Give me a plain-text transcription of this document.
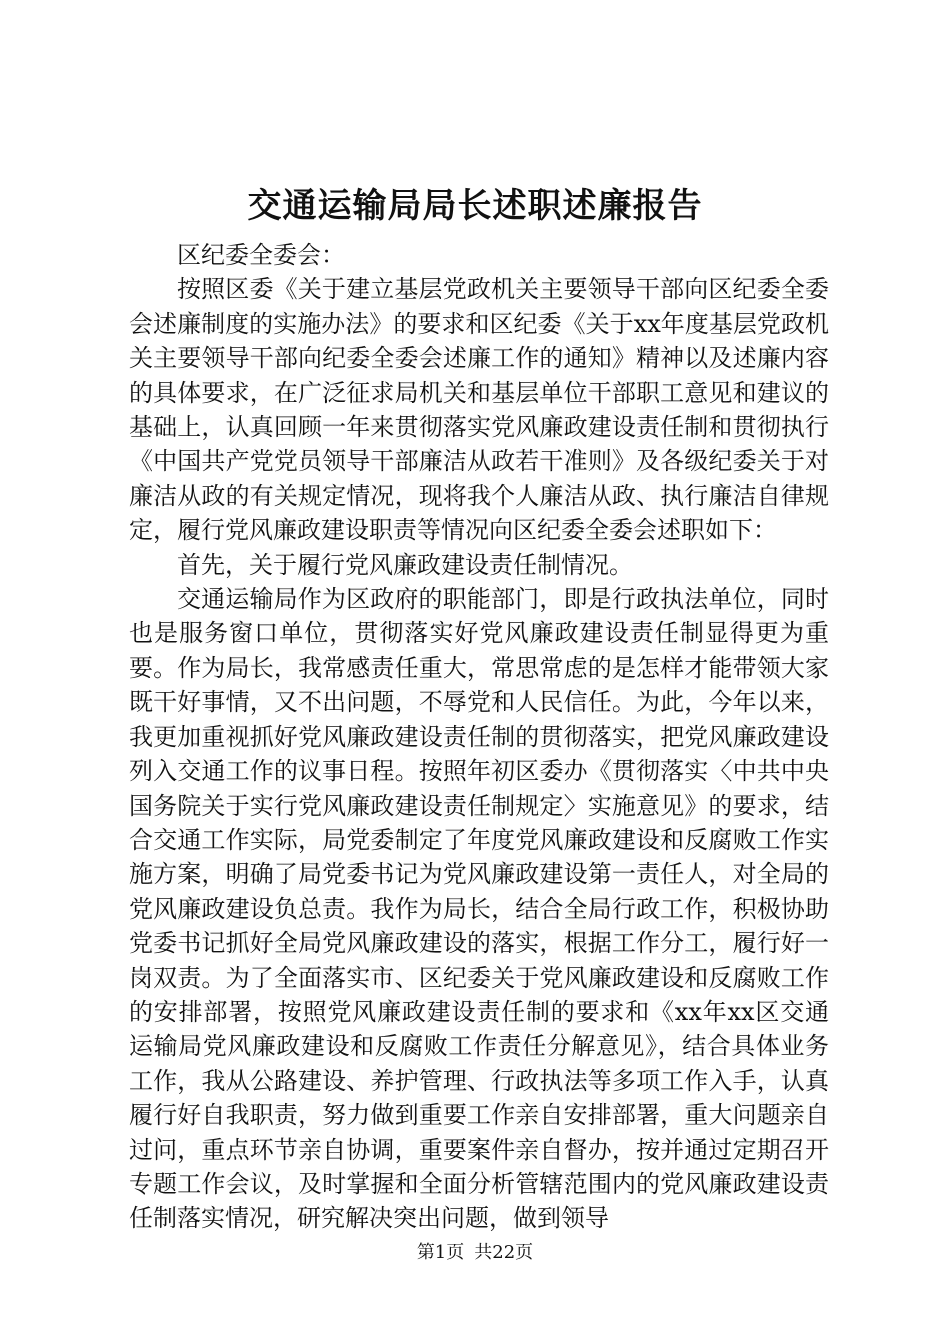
交通运输局局长述职述廉报告

区纪委全委会：

按照区委《关于建立基层党政机关主要领导干部向区纪委全委会述廉制度的实施办法》的要求和区纪委《关于xx年度基层党政机关主要领导干部向纪委全委会述廉工作的通知》精神以及述廉内容的具体要求，在广泛征求局机关和基层单位干部职工意见和建议的基础上，认真回顾一年来贯彻落实党风廉政建设责任制和贯彻执行《中国共产党党员领导干部廉洁从政若干准则》及各级纪委关于对廉洁从政的有关规定情况，现将我个人廉洁从政、执行廉洁自律规定，履行党风廉政建设职责等情况向区纪委全委会述职如下：

首先，关于履行党风廉政建设责任制情况。

交通运输局作为区政府的职能部门，即是行政执法单位，同时也是服务窗口单位，贯彻落实好党风廉政建设责任制显得更为重要。作为局长，我常感责任重大，常思常虑的是怎样才能带领大家既干好事情，又不出问题，不辱党和人民信任。为此，今年以来，我更加重视抓好党风廉政建设责任制的贯彻落实，把党风廉政建设列入交通工作的议事日程。按照年初区委办《贯彻落实〈中共中央国务院关于实行党风廉政建设责任制规定〉实施意见》的要求，结合交通工作实际，局党委制定了年度党风廉政建设和反腐败工作实施方案，明确了局党委书记为党风廉政建设第一责任人，对全局的党风廉政建设负总责。我作为局长，结合全局行政工作，积极协助党委书记抓好全局党风廉政建设的落实，根据工作分工，履行好一岗双责。为了全面落实市、区纪委关于党风廉政建设和反腐败工作的安排部署，按照党风廉政建设责任制的要求和《xx年xx区交通运输局党风廉政建设和反腐败工作责任分解意见》，结合具体业务工作，我从公路建设、养护管理、行政执法等多项工作入手，认真履行好自我职责，努力做到重要工作亲自安排部署，重大问题亲自过问，重点环节亲自协调，重要案件亲自督办，按并通过定期召开专题工作会议，及时掌握和全面分析管辖范围内的党风廉政建设责任制落实情况，研究解决突出问题，做到领导

第1页 共22页
